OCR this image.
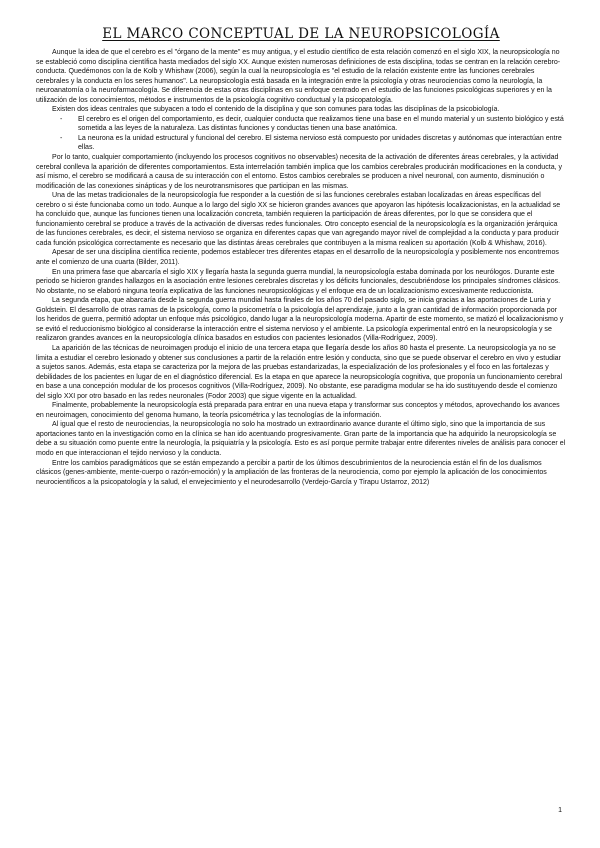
EL MARCO CONCEPTUAL DE LA NEUROPSICOLOGÍA

Aunque la idea de que el cerebro es el "órgano de la mente" es muy antigua, y el estudio científico de esta relación comenzó en el siglo XIX, la neuropsicología no se estableció como disciplina científica hasta mediados del siglo XX. Aunque existen numerosas definiciones de esta disciplina, todas se centran en la relación cerebro-conducta. Quedémonos con la de Kolb y Whishaw (2006), según la cual la neuropsicología es "el estudio de la relación existente entre las funciones cerebrales cerebrales y la conducta en los seres humanos". La neuropsicología está basada en la integración entre la psicología y otras neurociencias como la neurología, la neuroanatomía o la neurofarmacología. Se diferencia de estas otras disciplinas en su enfoque centrado en el estudio de las funciones psicológicas superiores y en la utilización de los conocimientos, métodos e instrumentos de la psicología cognitivo conductual y la psicopatología.

Existen dos ideas centrales que subyacen a todo el contenido de la disciplina y que son comunes para todas las disciplinas de la psicobiología.

- El cerebro es el origen del comportamiento, es decir, cualquier conducta que realizamos tiene una base en el mundo material y un sustento biológico y está sometida a las leyes de la naturaleza. Las distintas funciones y conductas tienen una base anatómica.
- La neurona es la unidad estructural y funcional del cerebro. El sistema nervioso está compuesto por unidades discretas y autónomas que interactúan entre ellas.

Por lo tanto, cualquier comportamiento (incluyendo los procesos cognitivos no observables) necesita de la activación de diferentes áreas cerebrales, y la actividad cerebral conlleva la aparición de diferentes comportamientos. Esta interrelación también implica que los cambios cerebrales producirán modificaciones en la conducta, y así mismo, el cerebro se modificará a causa de su interacción con el entorno. Estos cambios cerebrales se producen a nivel neuronal, con aumento, disminución o modificación de las conexiones sinápticas y de los neurotransmisores que participan en las mismas.

Una de las metas tradicionales de la neuropsicología fue responder a la cuestión de si las funciones cerebrales estaban localizadas en áreas específicas del cerebro o si éste funcionaba como un todo. Aunque a lo largo del siglo XX se hicieron grandes avances que apoyaron las hipótesis localizacionistas, en la actualidad se ha concluido que, aunque las funciones tienen una localización concreta, también requieren la participación de áreas diferentes, por lo que se considera que el funcionamiento cerebral se produce a través de la activación de diversas redes funcionales. Otro concepto esencial de la neuropsicología es la organización jerárquica de las funciones cerebrales, es decir, el sistema nervioso se organiza en diferentes capas que van agregando mayor nivel de complejidad a la conducta y para producir cada función psicológica correctamente es necesario que las distintas áreas cerebrales que contribuyen a la misma realicen su aportación (Kolb & Whishaw, 2016).

Apesar de ser una disciplina científica reciente, podemos establecer tres diferentes etapas en el desarrollo de la neuropsicología y posiblemente nos encontremos ante el comienzo de una cuarta (Bilder, 2011).

En una primera fase que abarcaría el siglo XIX y llegaría hasta la segunda guerra mundial, la neuropsicología estaba dominada por los neurólogos. Durante este periodo se hicieron grandes hallazgos en la asociación entre lesiones cerebrales discretas y los déficits funcionales, descubriéndose los principales síndromes clásicos. No obstante, no se elaboró ninguna teoría explicativa de las funciones neuropsicológicas y el enfoque era de un localizacionismo excesivamente reduccionista.

La segunda etapa, que abarcaría desde la segunda guerra mundial hasta finales de los años 70 del pasado siglo, se inicia gracias a las aportaciones de Luria y Goldstein. El desarrollo de otras ramas de la psicología, como la psicometría o la psicología del aprendizaje, junto a la gran cantidad de información proporcionada por los heridos de guerra, permitió adoptar un enfoque más psicológico, dando lugar a la neuropsicología moderna. Apartir de este momento, se matizó el localizacionismo y se evitó el reduccionismo biológico al considerarse la interacción entre el sistema nervioso y el ambiente. La psicología experimental entró en la neuropsicología y se realizaron grandes avances en la neuropsicología clínica basados en estudios con pacientes lesionados (Villa-Rodríguez, 2009).

La aparición de las técnicas de neuroimagen produjo el inicio de una tercera etapa que llegaría desde los años 80 hasta el presente. La neuropsicología ya no se limita a estudiar el cerebro lesionado y obtener sus conclusiones a partir de la relación entre lesión y conducta, sino que se puede observar el cerebro en vivo y estudiar a sujetos sanos. Además, esta etapa se caracteriza por la mejora de las pruebas estandarizadas, la especialización de los profesionales y el foco en las fortalezas y debilidades de los pacientes en lugar de en el diagnóstico diferencial. Es la etapa en que aparece la neuropsicología cognitiva, que proponía un funcionamiento cerebral en base a una concepción modular de los procesos cognitivos (Villa-Rodríguez, 2009). No obstante, ese paradigma modular se ha ido sustituyendo desde el comienzo del siglo XXI por otro basado en las redes neuronales (Fodor 2003) que sigue vigente en la actualidad.

Finalmente, probablemente la neuropsicología está preparada para entrar en una nueva etapa y transformar sus conceptos y métodos, aprovechando los avances en neuroimagen, conocimiento del genoma humano, la teoría psicométrica y las tecnologías de la información.

Al igual que el resto de neurociencias, la neuropsicología no solo ha mostrado un extraordinario avance durante el último siglo, sino que la importancia de sus aportaciones tanto en la investigación como en la clínica se han ido acentuando progresivamente. Gran parte de la importancia que ha adquirido la neuropsicología se debe a su situación como puente entre la neurología, la psiquiatría y la psicología. Esto es así porque permite trabajar entre diferentes niveles de análisis para conocer el modo en que interaccionan el tejido nervioso y la conducta.

Entre los cambios paradigmáticos que se están empezando a percibir a partir de los últimos descubrimientos de la neurociencia están el fin de los dualismos clásicos (genes-ambiente, mente-cuerpo o razón-emoción) y la ampliación de las fronteras de la neurociencia, como por ejemplo la aplicación de los conocimientos neurocientíficos a la psicopatología y la salud, el envejecimiento y el neurodesarrollo (Verdejo-García y Tirapu Ustarroz, 2012)

1
